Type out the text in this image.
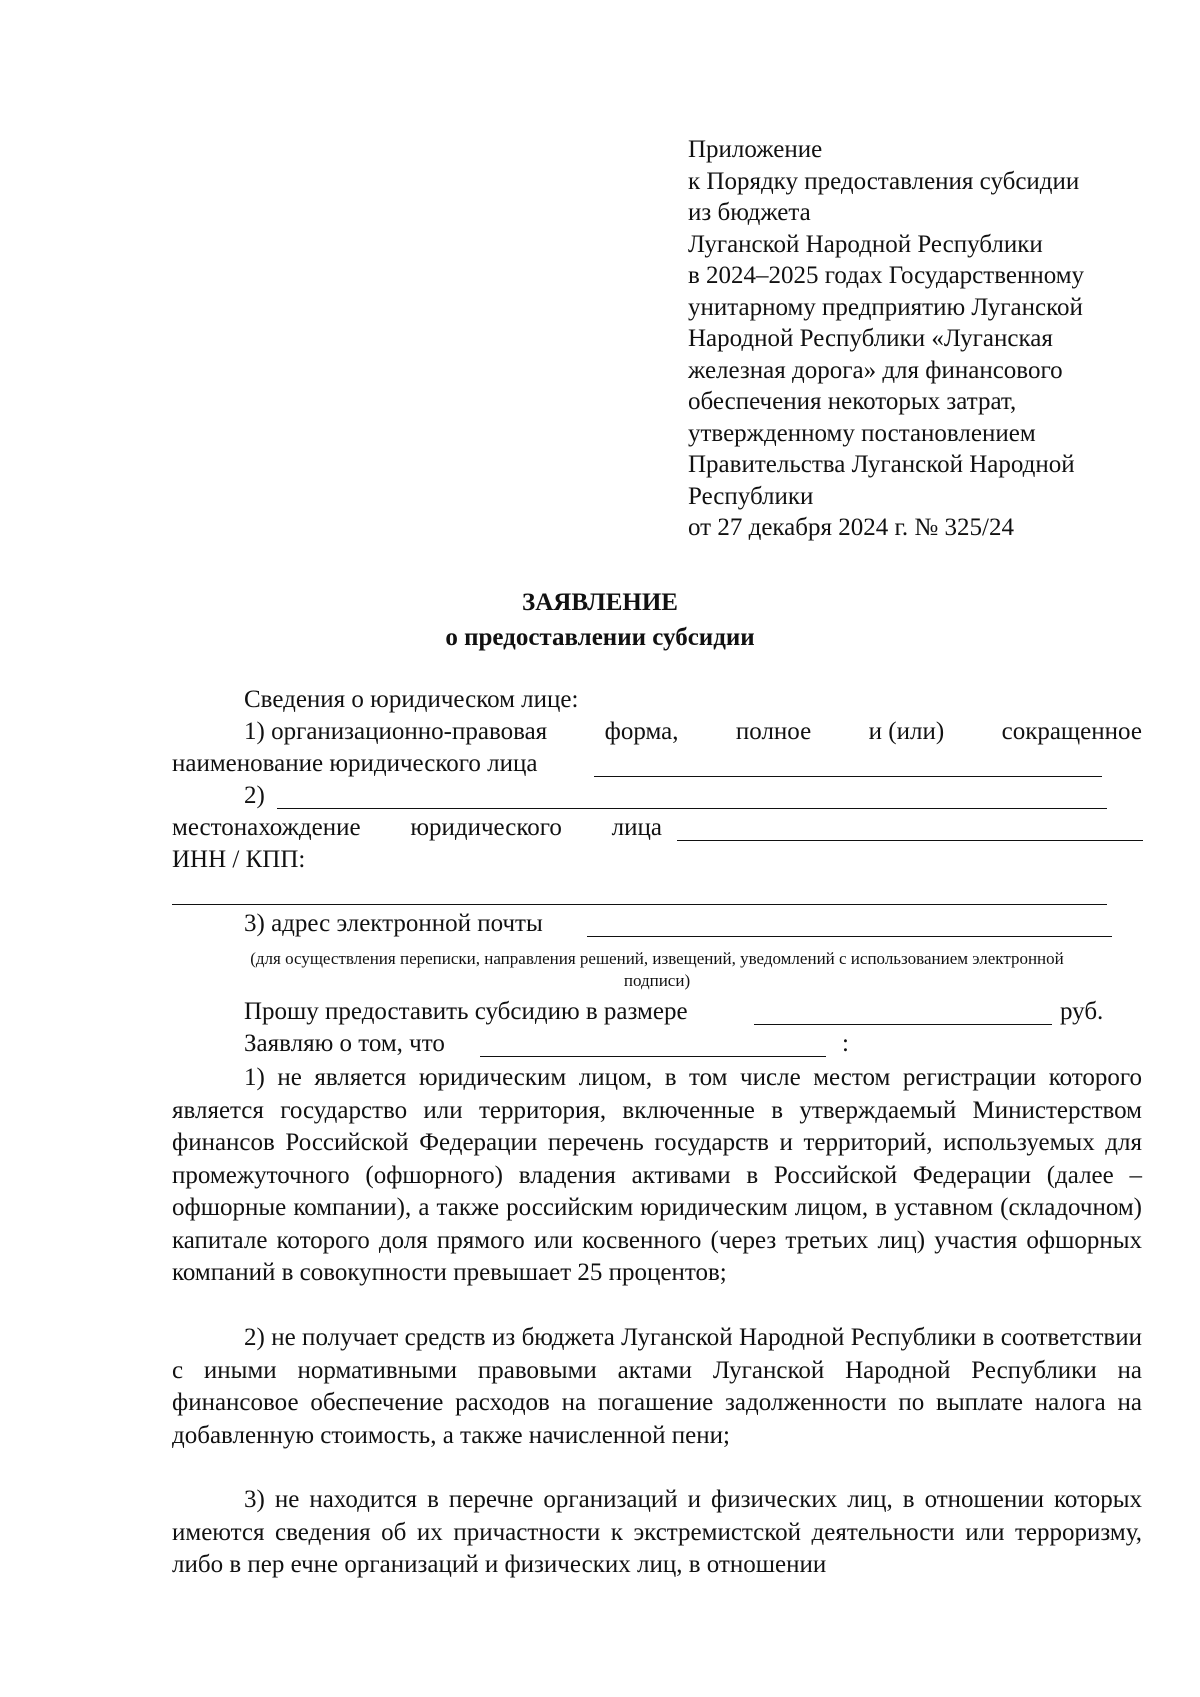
Приложение
к Порядку предоставления субсидии
из бюджета
Луганской Народной Республики
в 2024–2025 годах Государственному
унитарному предприятию Луганской
Народной Республики «Луганская
железная дорога» для финансового
обеспечения некоторых затрат,
утвержденному постановлением
Правительства Луганской Народной
Республики
от 27 декабря 2024 г. № 325/24
ЗАЯВЛЕНИЕ
о предоставлении субсидии
Сведения о юридическом лице:
1) организационно-правовая форма, полное и (или) сокращенное
наименование юридического лица
2)
местонахождение юридического лица
ИНН / КПП:
3) адрес электронной почты
(для осуществления переписки, направления решений, извещений, уведомлений с использованием электронной
подписи)
Прошу предоставить субсидию в размере	руб.
Заявляю о том, что	:
1) не является юридическим лицом, в том числе местом регистрации которого является государство или территория, включенные в утверждаемый Министерством финансов Российской Федерации перечень государств и территорий, используемых для промежуточного (офшорного) владения активами в Российской Федерации (далее – офшорные компании), а также российским юридическим лицом, в уставном (складочном) капитале которого доля прямого или косвенного (через третьих лиц) участия офшорных компаний в совокупности превышает 25 процентов;
2) не получает средств из бюджета Луганской Народной Республики в соответствии с иными нормативными правовыми актами Луганской Народной Республики на финансовое обеспечение расходов на погашение задолженности по выплате налога на добавленную стоимость, а также начисленной пени;
3) не находится в перечне организаций и физических лиц, в отношении которых имеются сведения об их причастности к экстремистской деятельности или терроризму, либо в пер ечне организаций и физических лиц, в отношении
